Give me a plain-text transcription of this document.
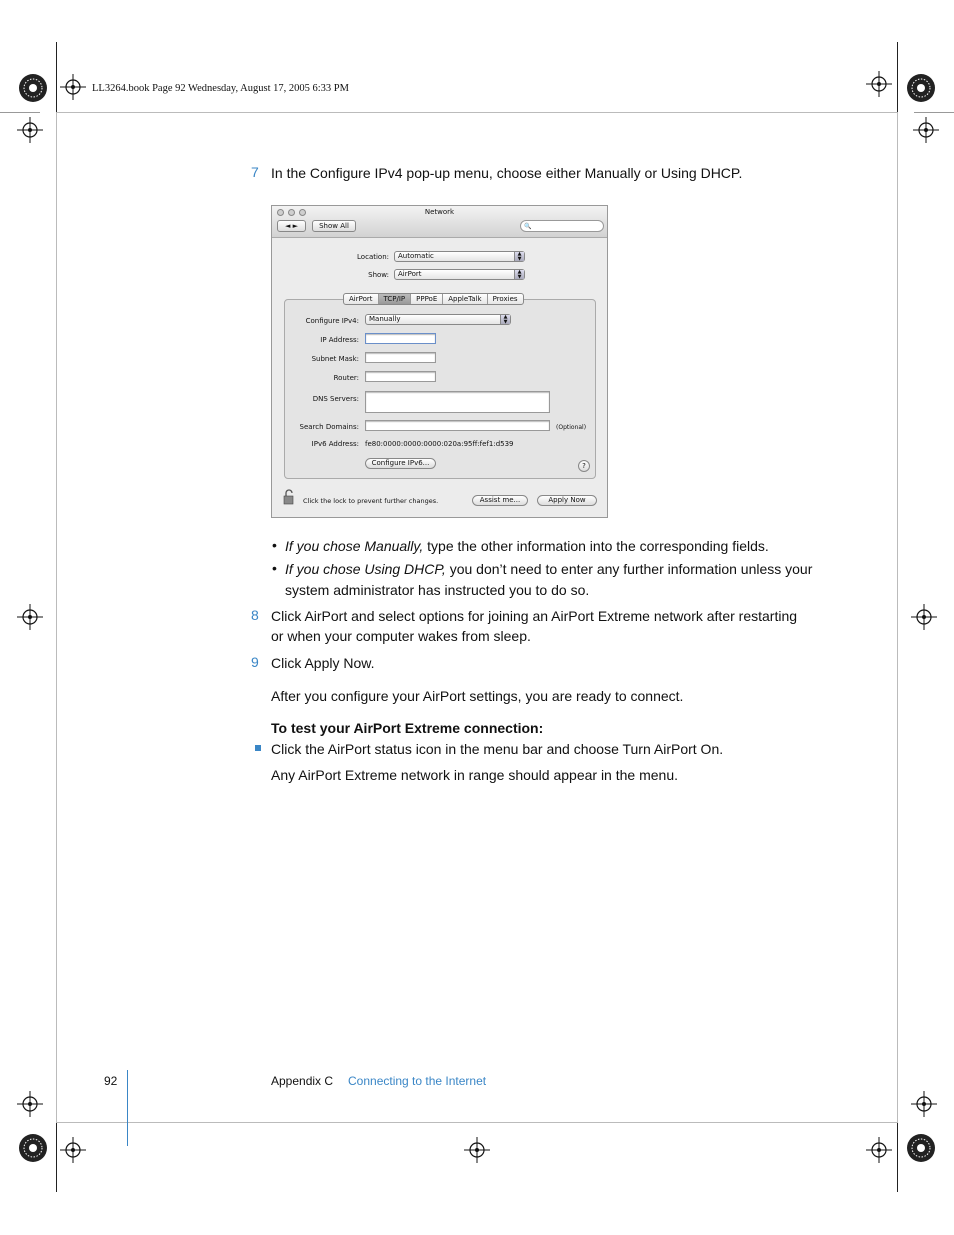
LL3264.book Page 92 Wednesday, August 17, 2005 6:33 PM
7 In the Configure IPv4 pop-up menu, choose either Manually or Using DHCP.
Network
◄ ►	Show All	🔍
Location:	Automatic	▲
▼
Show:	AirPort	▲
▼
AirPort	TCP/IP	PPPoE	AppleTalk	Proxies
Configure IPv4:	Manually	▲
▼
IP Address:
Subnet Mask:
Router:
DNS Servers:
Search Domains:	(Optional)
IPv6 Address: fe80:0000:0000:0000:020a:95ff:fef1:d539
Configure IPv6...	?
Click the lock to prevent further changes.	Assist me...	Apply Now
• If you chose Manually, type the other information into the corresponding fields.
• If you chose Using DHCP, you don’t need to enter any further information unless your
system administrator has instructed you to do so.
8 Click AirPort and select options for joining an AirPort Extreme network after restarting
or when your computer wakes from sleep.
9 Click Apply Now.
After you configure your AirPort settings, you are ready to connect.
To test your AirPort Extreme connection:
Click the AirPort status icon in the menu bar and choose Turn AirPort On.
Any AirPort Extreme network in range should appear in the menu.
92	Appendix C Connecting to the Internet
